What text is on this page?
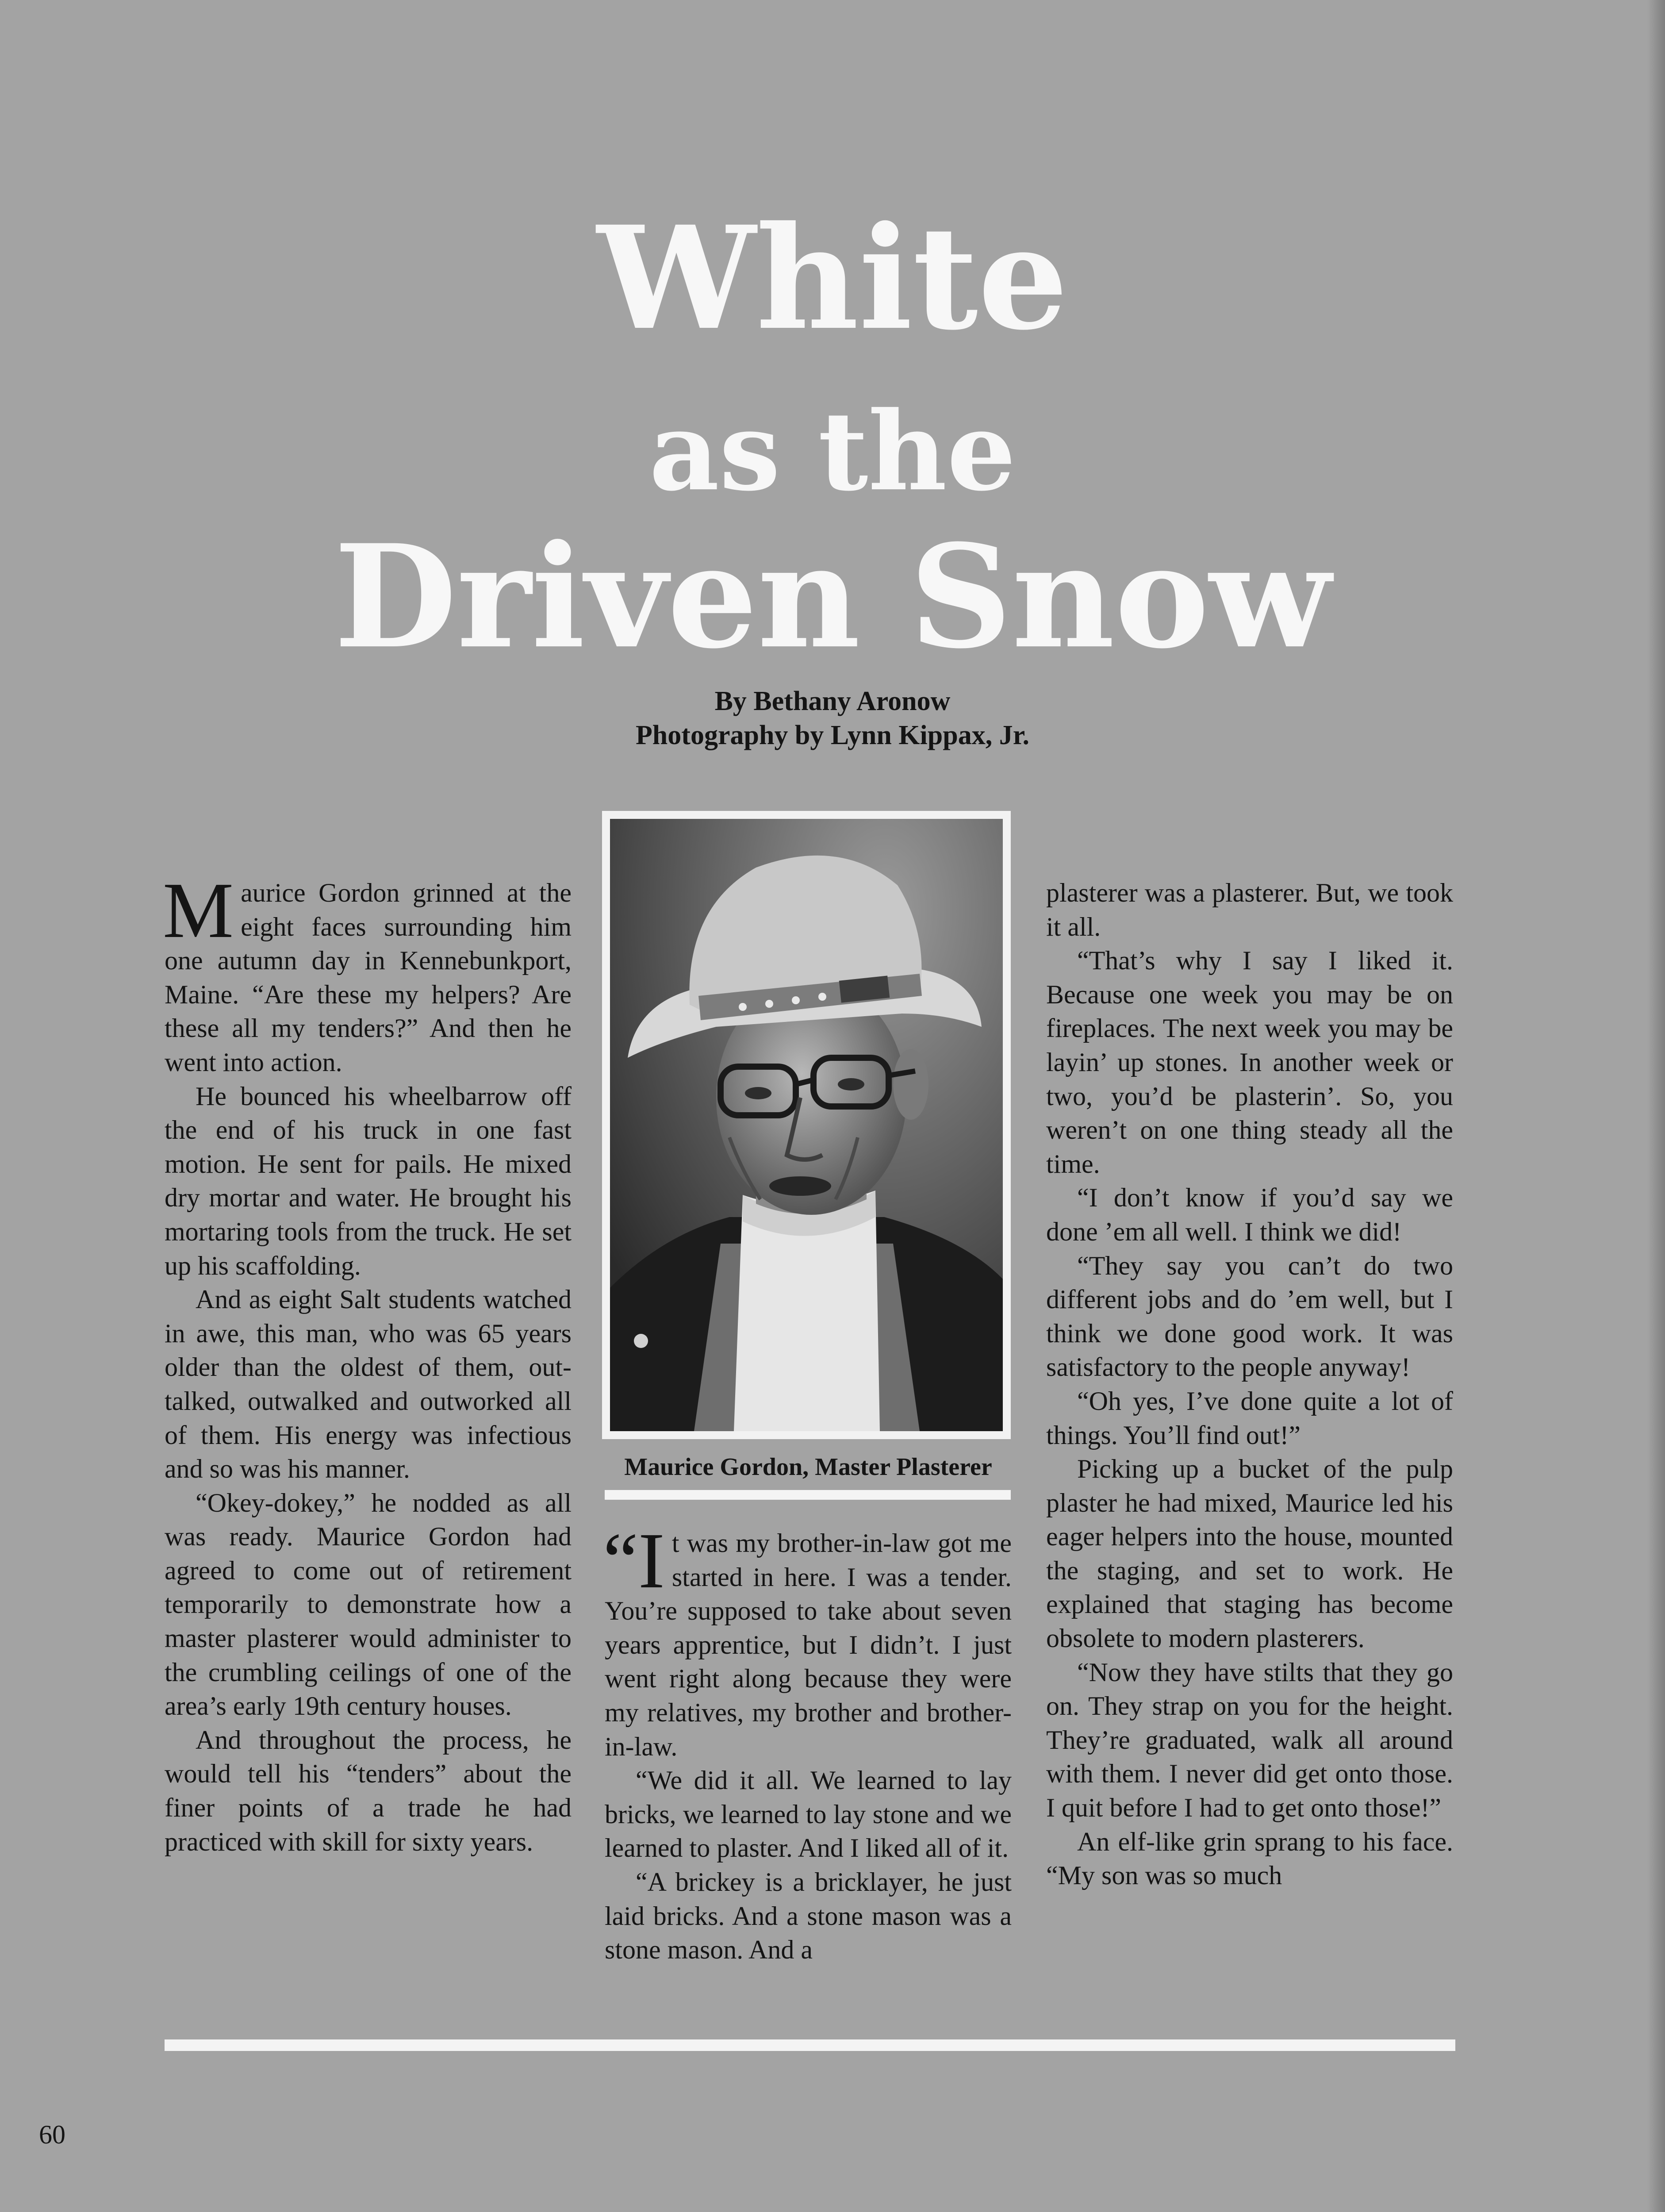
White
as the
Driven Snow

By Bethany Aronow

Photography by Lynn Kippax, Jr.

Maurice Gordon grinned at the eight faces surrounding him one autumn day in Kennebunkport, Maine. “Are these my helpers? Are these all my tenders?” And then he went into action.

He bounced his wheelbarrow off the end of his truck in one fast motion. He sent for pails. He mixed dry mortar and water. He brought his mortaring tools from the truck. He set up his scaffolding.

And as eight Salt students watched in awe, this man, who was 65 years older than the oldest of them, out-talked, outwalked and outworked all of them. His energy was infectious and so was his manner.

“Okey-dokey,” he nodded as all was ready. Maurice Gordon had agreed to come out of retirement temporarily to demonstrate how a master plasterer would administer to the crumbling ceilings of one of the area’s early 19th century houses.

And throughout the process, he would tell his “tenders” about the finer points of a trade he had practiced with skill for sixty years.

Maurice Gordon, Master Plasterer

“It was my brother-in-law got me started in here. I was a tender. You’re supposed to take about seven years apprentice, but I didn’t. I just went right along because they were my relatives, my brother and brother-in-law.

“We did it all. We learned to lay bricks, we learned to lay stone and we learned to plaster. And I liked all of it.

“A brickey is a bricklayer, he just laid bricks. And a stone mason was a stone mason. And a

plasterer was a plasterer. But, we took it all.

“That’s why I say I liked it. Because one week you may be on fireplaces. The next week you may be layin’ up stones. In another week or two, you’d be plasterin’. So, you weren’t on one thing steady all the time.

“I don’t know if you’d say we done ’em all well. I think we did!

“They say you can’t do two different jobs and do ’em well, but I think we done good work. It was satisfactory to the people anyway!

“Oh yes, I’ve done quite a lot of things. You’ll find out!”

Picking up a bucket of the pulp plaster he had mixed, Maurice led his eager helpers into the house, mounted the staging, and set to work. He explained that staging has become obsolete to modern plasterers.

“Now they have stilts that they go on. They strap on you for the height. They’re graduated, walk all around with them. I never did get onto those. I quit before I had to get onto those!”

An elf-like grin sprang to his face. “My son was so much

60
